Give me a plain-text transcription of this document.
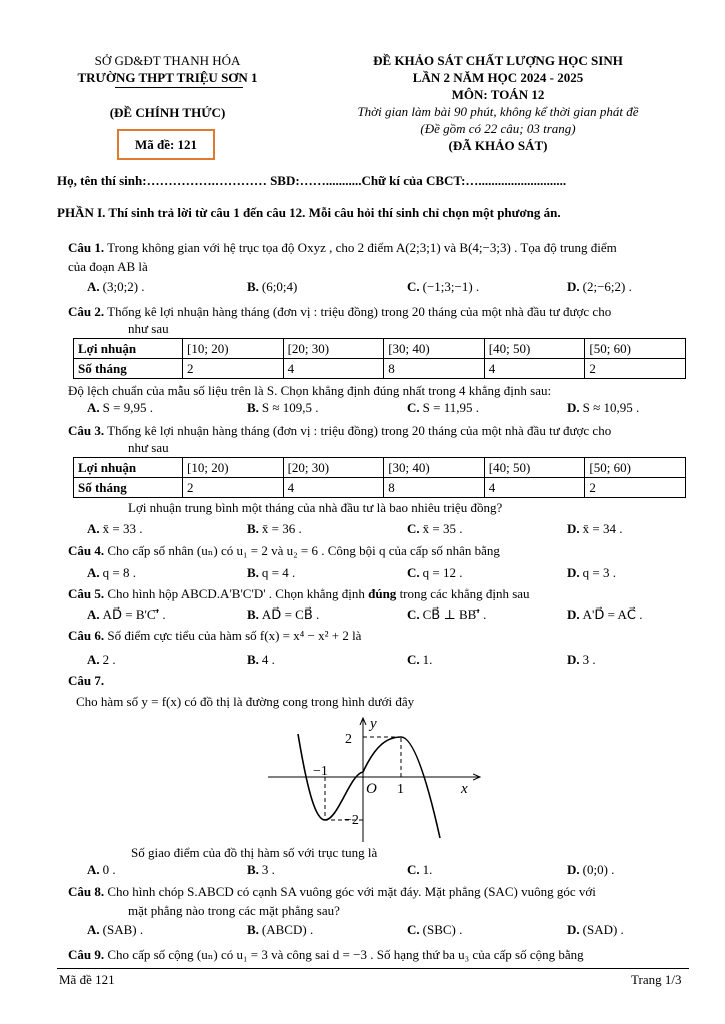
SỞ GD&ĐT THANH HÓA
TRƯỜNG THPT TRIỆU SƠN 1
(ĐỀ CHÍNH THỨC)
Mã đề: 121
ĐỀ KHẢO SÁT CHẤT LƯỢNG HỌC SINH
LẦN 2 NĂM HỌC 2024 - 2025
MÔN: TOÁN 12
Thời gian làm bài 90 phút, không kể thời gian phát đề
(Đề gồm có 22 câu; 03 trang)
(ĐÃ KHẢO SÁT)
Họ, tên thí sinh:…………….………… SBD:……...........Chữ kí của CBCT:…...........................
PHẦN I. Thí sinh trả lời từ câu 1 đến câu 12. Mỗi câu hỏi thí sinh chỉ chọn một phương án.
Câu 1. Trong không gian với hệ trục tọa độ Oxyz , cho 2 điểm A(2;3;1) và B(4;−3;3) . Tọa độ trung điểm
của đoạn AB là
A. (3;0;2) .	B. (6;0;4)	C. (−1;3;−1) .	D. (2;−6;2) .
Câu 2. Thống kê lợi nhuận hàng tháng (đơn vị : triệu đồng) trong 20 tháng của một nhà đầu tư được cho
như sau
Lợi nhuận	[10; 20)	[20; 30)	[30; 40)	[40; 50)	[50; 60)
Số tháng	2	4	8	4	2
Độ lệch chuẩn của mẫu số liệu trên là S. Chọn khẳng định đúng nhất trong 4 khẳng định sau:
A. S = 9,95 .	B. S ≈ 109,5 .	C. S = 11,95 .	D. S ≈ 10,95 .
Câu 3. Thống kê lợi nhuận hàng tháng (đơn vị : triệu đồng) trong 20 tháng của một nhà đầu tư được cho
như sau
Lợi nhuận	[10; 20)	[20; 30)	[30; 40)	[40; 50)	[50; 60)
Số tháng	2	4	8	4	2
Lợi nhuận trung bình một tháng của nhà đầu tư là bao nhiêu triệu đồng?
A. x̄ = 33 .	B. x̄ = 36 .	C. x̄ = 35 .	D. x̄ = 34 .
Câu 4. Cho cấp số nhân (uₙ) có u₁ = 2 và u₂ = 6 . Công bội q của cấp số nhân bằng
A. q = 8 .	B. q = 4 .	C. q = 12 .	D. q = 3 .
Câu 5. Cho hình hộp ABCD.A'B'C'D' . Chọn khẳng định đúng trong các khẳng định sau
A. AD⃗ = B'C'⃗ .	B. AD⃗ = CB⃗ .	C. CB⃗ ⊥ BB'⃗ .	D. A'D⃗ = AC⃗ .
Câu 6. Số điểm cực tiểu của hàm số f(x) = x⁴ − x² + 2 là
A. 2 .	B. 4 .	C. 1.	D. 3 .
Câu 7.
Cho hàm số y = f(x) có đồ thị là đường cong trong hình dưới đây
y
x
O
2
−2
−1
1
Số giao điểm của đồ thị hàm số với trục tung là
A. 0 .	B. 3 .	C. 1.	D. (0;0) .
Câu 8. Cho hình chóp S.ABCD có cạnh SA vuông góc với mặt đáy. Mặt phẳng (SAC) vuông góc với
mặt phẳng nào trong các mặt phẳng sau?
A. (SAB) .	B. (ABCD) .	C. (SBC) .	D. (SAD) .
Câu 9. Cho cấp số cộng (uₙ) có u₁ = 3 và công sai d = −3 . Số hạng thứ ba u₃ của cấp số cộng bằng
Mã đề 121	Trang 1/3
